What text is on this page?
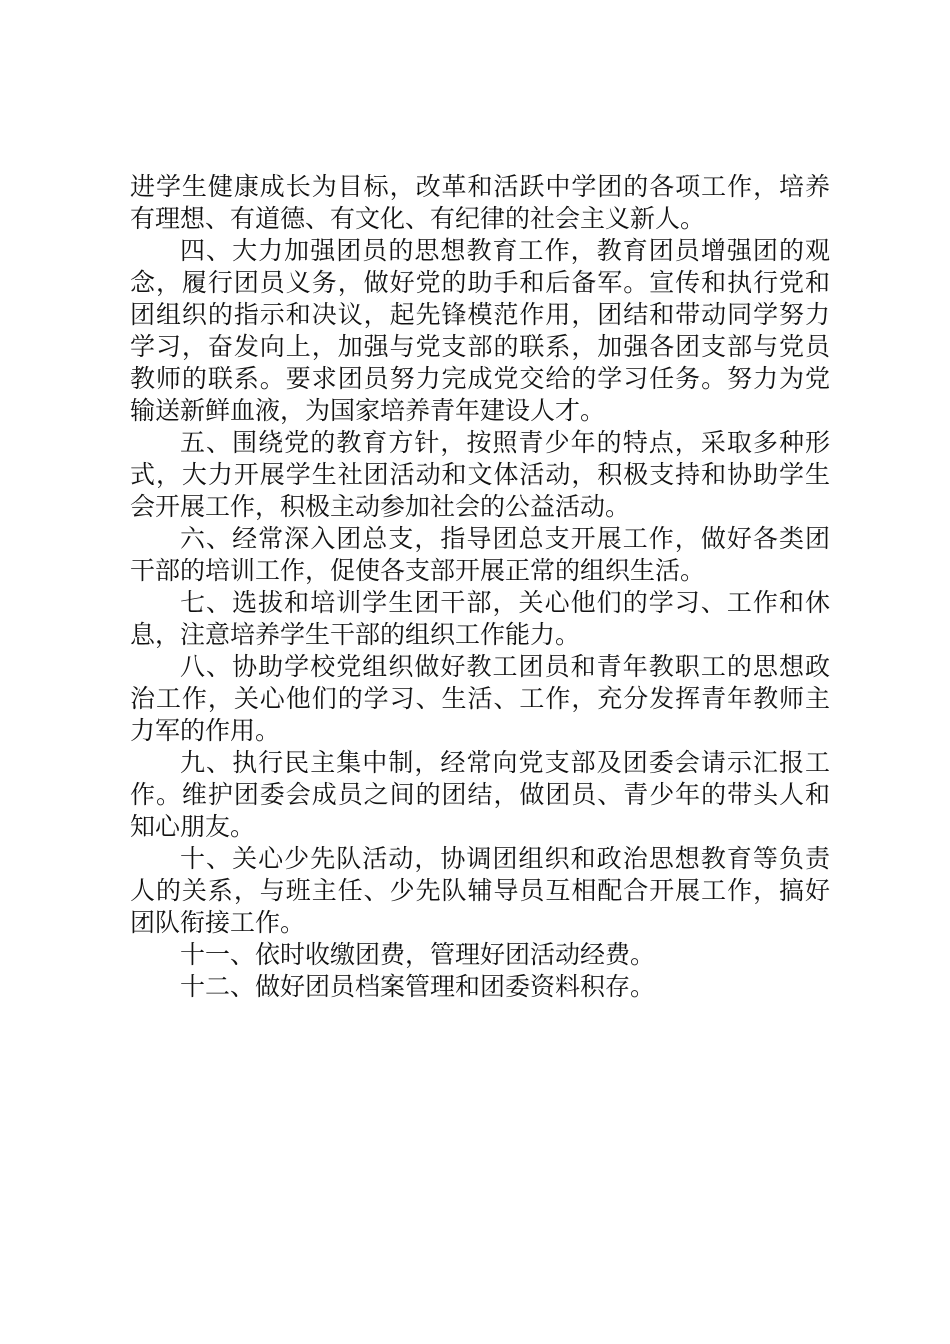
进学生健康成长为目标，改革和活跃中学团的各项工作，培养
有理想、有道德、有文化、有纪律的社会主义新人。
四、大力加强团员的思想教育工作，教育团员增强团的观
念，履行团员义务，做好党的助手和后备军。宣传和执行党和
团组织的指示和决议，起先锋模范作用，团结和带动同学努力
学习，奋发向上，加强与党支部的联系，加强各团支部与党员
教师的联系。要求团员努力完成党交给的学习任务。努力为党
输送新鲜血液，为国家培养青年建设人才。
五、围绕党的教育方针，按照青少年的特点，采取多种形
式，大力开展学生社团活动和文体活动，积极支持和协助学生
会开展工作，积极主动参加社会的公益活动。
六、经常深入团总支，指导团总支开展工作，做好各类团
干部的培训工作，促使各支部开展正常的组织生活。
七、选拔和培训学生团干部，关心他们的学习、工作和休
息，注意培养学生干部的组织工作能力。
八、协助学校党组织做好教工团员和青年教职工的思想政
治工作，关心他们的学习、生活、工作，充分发挥青年教师主
力军的作用。
九、执行民主集中制，经常向党支部及团委会请示汇报工
作。维护团委会成员之间的团结，做团员、青少年的带头人和
知心朋友。
十、关心少先队活动，协调团组织和政治思想教育等负责
人的关系，与班主任、少先队辅导员互相配合开展工作，搞好
团队衔接工作。
十一、依时收缴团费，管理好团活动经费。
十二、做好团员档案管理和团委资料积存。
